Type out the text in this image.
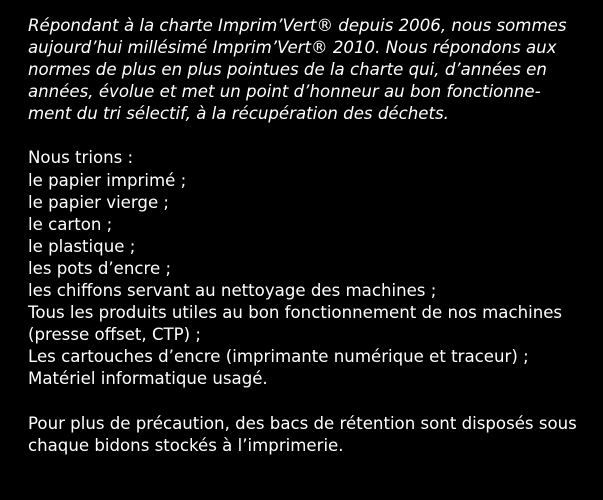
Répondant à la charte Imprim’Vert® depuis 2006, nous sommes
aujourd’hui millésimé Imprim’Vert® 2010. Nous répondons aux
normes de plus en plus pointues de la charte qui, d’années en
années, évolue et met un point d’honneur au bon fonctionne-
ment du tri sélectif, à la récupération des déchets.
Nous trions :
le papier imprimé ;
le papier vierge ;
le carton ;
le plastique ;
les pots d’encre ;
les chiffons servant au nettoyage des machines ;
Tous les produits utiles au bon fonctionnement de nos machines
(presse offset, CTP) ;
Les cartouches d’encre (imprimante numérique et traceur) ;
Matériel informatique usagé.
Pour plus de précaution, des bacs de rétention sont disposés sous
chaque bidons stockés à l’imprimerie.
